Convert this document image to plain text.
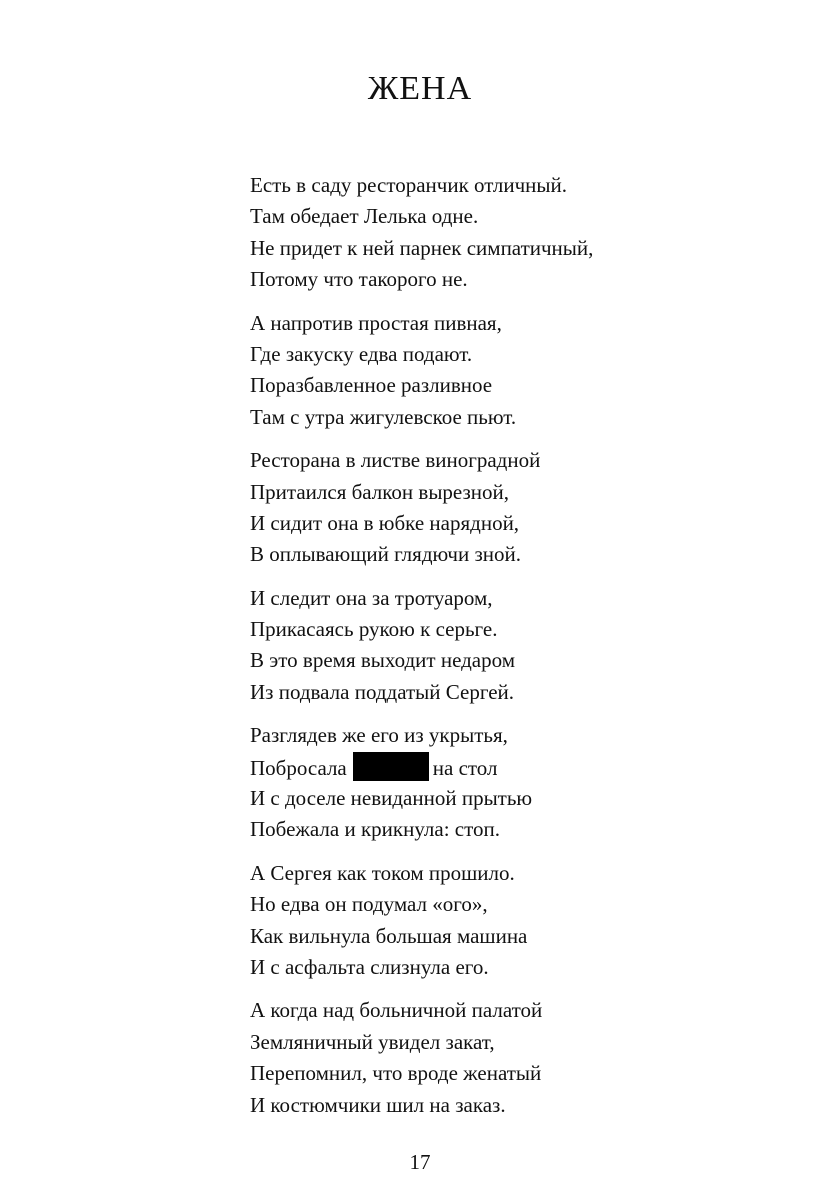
ЖЕНА
Есть в саду ресторанчик отличный.
Там обедает Лелька одне.
Не придет к ней парнек симпатичный,
Потому что такорого не.
А напротив простая пивная,
Где закуску едва подают.
Поразбавленное разливное
Там с утра жигулевское пьют.
Ресторана в листве виноградной
Притаился балкон вырезной,
И сидит она в юбке нарядной,
В оплывающий глядючи зной.
И следит она за тротуаром,
Прикасаясь рукою к серьге.
В это время выходит недаром
Из подвала поддатый Сергей.
Разглядев же его из укрытья,
Побросала	на стол
И с доселе невиданной прытью
Побежала и крикнула: стоп.
А Сергея как током прошило.
Но едва он подумал «ого»,
Как вильнула большая машина
И с асфальта слизнула его.
А когда над больничной палатой
Земляничный увидел закат,
Перепомнил, что вроде женатый
И костюмчики шил на заказ.
17
